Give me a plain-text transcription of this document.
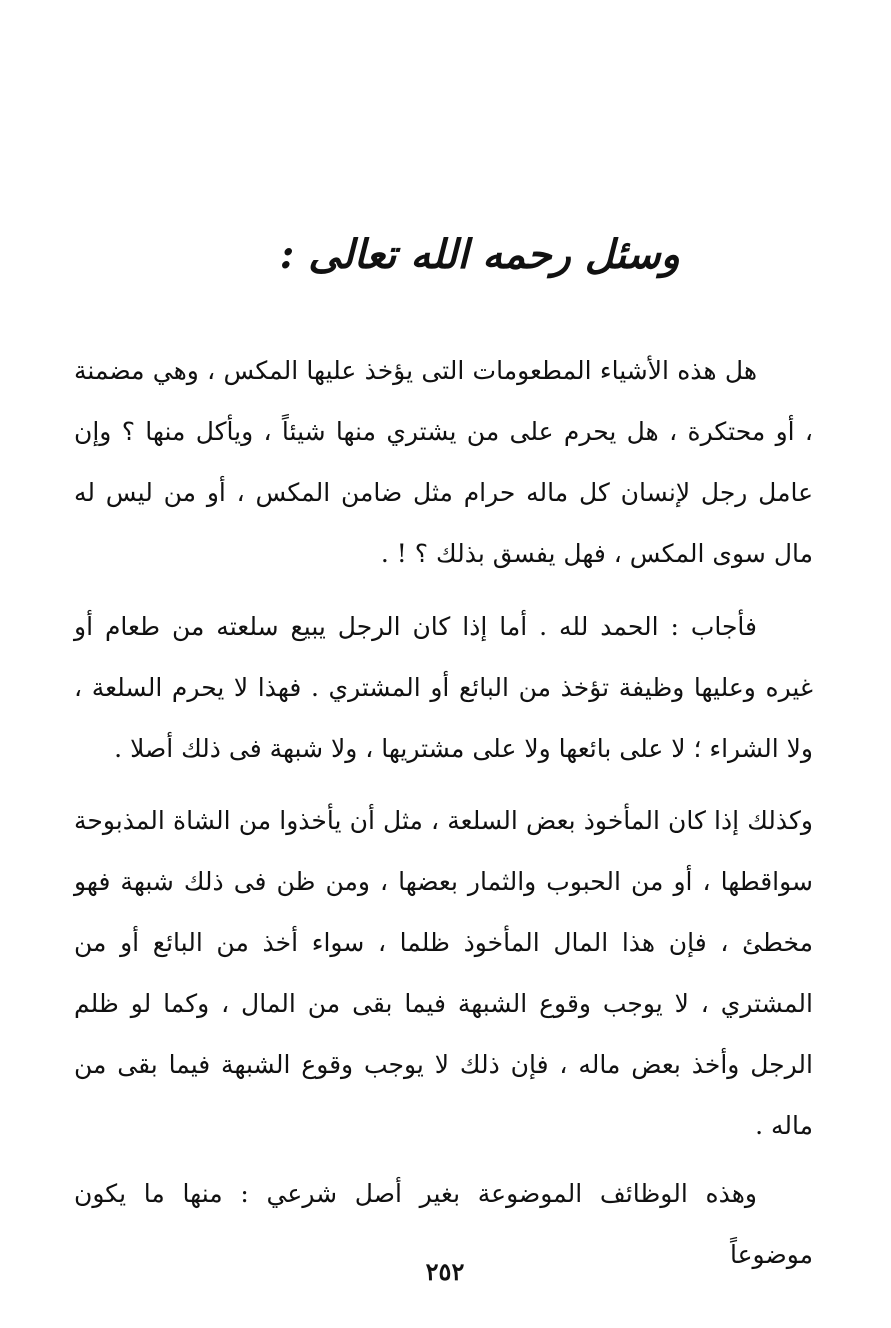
وسئل رحمه الله تعالى :

هل هذه الأشياء المطعومات التى يؤخذ عليها المكس ، وهي مضمنة ، أو محتكرة ، هل يحرم على من يشتري منها شيئاً ، ويأكل منها ؟ وإن عامل رجل لإنسان كل ماله حرام مثل ضامن المكس ، أو من ليس له مال سوى المكس ، فهل يفسق بذلك ؟ ! .

فأجاب : الحمد لله . أما إذا كان الرجل يبيع سلعته من طعام أو غيره وعليها وظيفة تؤخذ من البائع أو المشتري . فهذا لا يحرم السلعة ، ولا الشراء ؛ لا على بائعها ولا على مشتريها ، ولا شبهة فى ذلك أصلا .

وكذلك إذا كان المأخوذ بعض السلعة ، مثل أن يأخذوا من الشاة المذبوحة سواقطها ، أو من الحبوب والثمار بعضها ، ومن ظن فى ذلك شبهة فهو مخطئ ، فإن هذا المال المأخوذ ظلما ، سواء أخذ من البائع أو من المشتري ، لا يوجب وقوع الشبهة فيما بقى من المال ، وكما لو ظلم الرجل وأخذ بعض ماله ، فإن ذلك لا يوجب وقوع الشبهة فيما بقى من ماله .

وهذه الوظائف الموضوعة بغير أصل شرعي : منها ما يكون موضوعاً

٢٥٢
